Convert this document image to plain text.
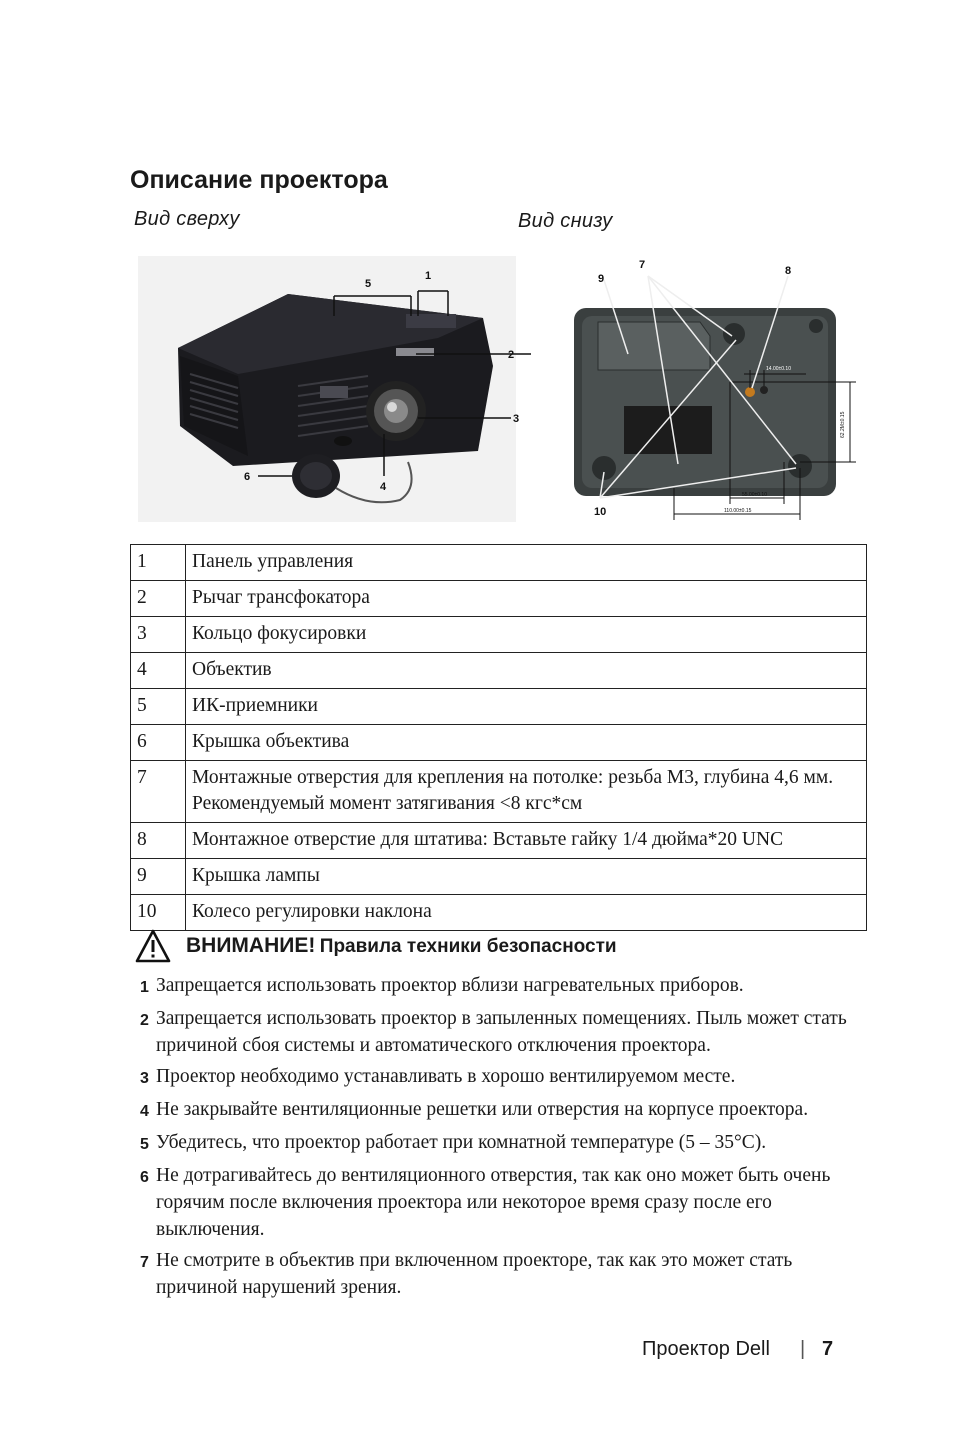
Описание проектора
Вид сверху	Вид снизу
5
1
2
3
4
6
7	8
9
10
14.00±0.10
62.2M±0.15
55.00±0.10
110.00±0.15
1	Панель управления
2	Рычаг трансфокатора
3	Кольцо фокусировки
4	Объектив
5	ИК-приемники
6	Крышка объектива
7	Монтажные отверстия для крепления на потолке: резьба M3, глубина 4,6 мм. Рекомендуемый момент затягивания <8 кгс*см
8	Монтажное отверстие для штатива: Вставьте гайку 1/4 дюйма*20 UNC
9	Крышка лампы
10	Колесо регулировки наклона
ВНИМАНИЕ! Правила техники безопасности
1 Запрещается использовать проектор вблизи нагревательных приборов.
2 Запрещается использовать проектор в запыленных помещениях. Пыль может стать причиной сбоя системы и автоматического отключения проектора.
3 Проектор необходимо устанавливать в хорошо вентилируемом месте.
4 Не закрывайте вентиляционные решетки или отверстия на корпусе проектора.
5 Убедитесь, что проектор работает при комнатной температуре (5 – 35°C).
6 Не дотрагивайтесь до вентиляционного отверстия, так как оно может быть очень горячим после включения проектора или некоторое время сразу после его выключения.
7 Не смотрите в объектив при включенном проекторе, так как это может стать причиной нарушений зрения.
Проектор Dell | 7
